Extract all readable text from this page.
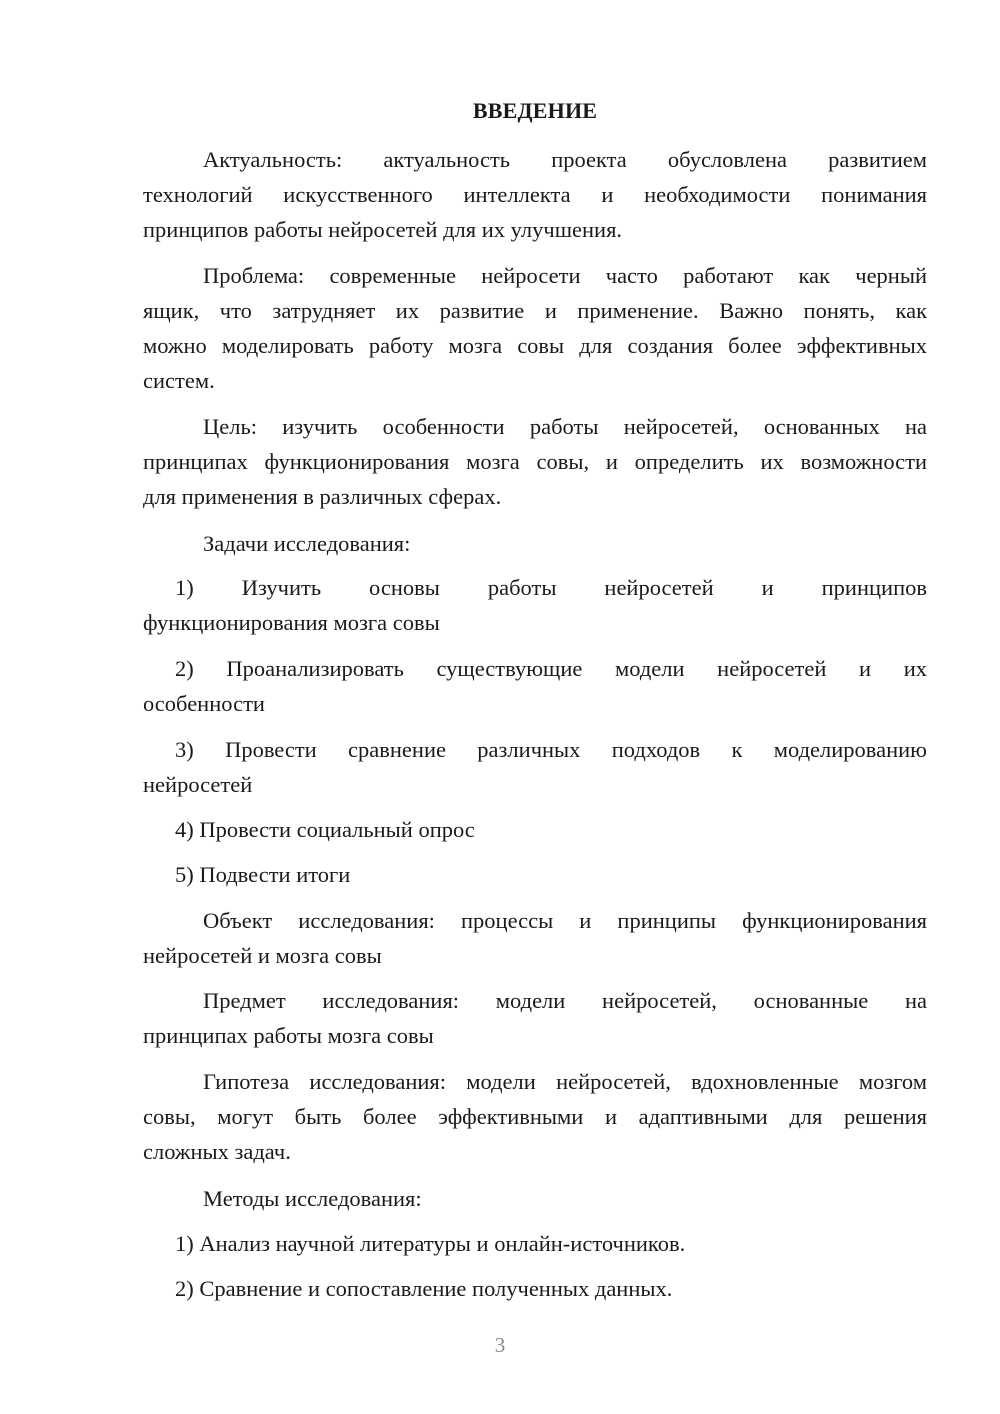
ВВЕДЕНИЕ
Актуальность: актуальность проекта обусловлена развитием
технологий искусственного интеллекта и необходимости понимания
принципов работы нейросетей для их улучшения.
Проблема: современные нейросети часто работают как черный
ящик, что затрудняет их развитие и применение. Важно понять, как
можно моделировать работу мозга совы для создания более эффективных
систем.
Цель: изучить особенности работы нейросетей, основанных на
принципах функционирования мозга совы, и определить их возможности
для применения в различных сферах.
Задачи исследования:
1) Изучить основы работы нейросетей и принципов
функционирования мозга совы
2) Проанализировать существующие модели нейросетей и их
особенности
3) Провести сравнение различных подходов к моделированию
нейросетей
4) Провести социальный опрос
5) Подвести итоги
Объект исследования: процессы и принципы функционирования
нейросетей и мозга совы
Предмет исследования: модели нейросетей, основанные на
принципах работы мозга совы
Гипотеза исследования: модели нейросетей, вдохновленные мозгом
совы, могут быть более эффективными и адаптивными для решения
сложных задач.
Методы исследования:
1) Анализ научной литературы и онлайн-источников.
2) Сравнение и сопоставление полученных данных.
3
